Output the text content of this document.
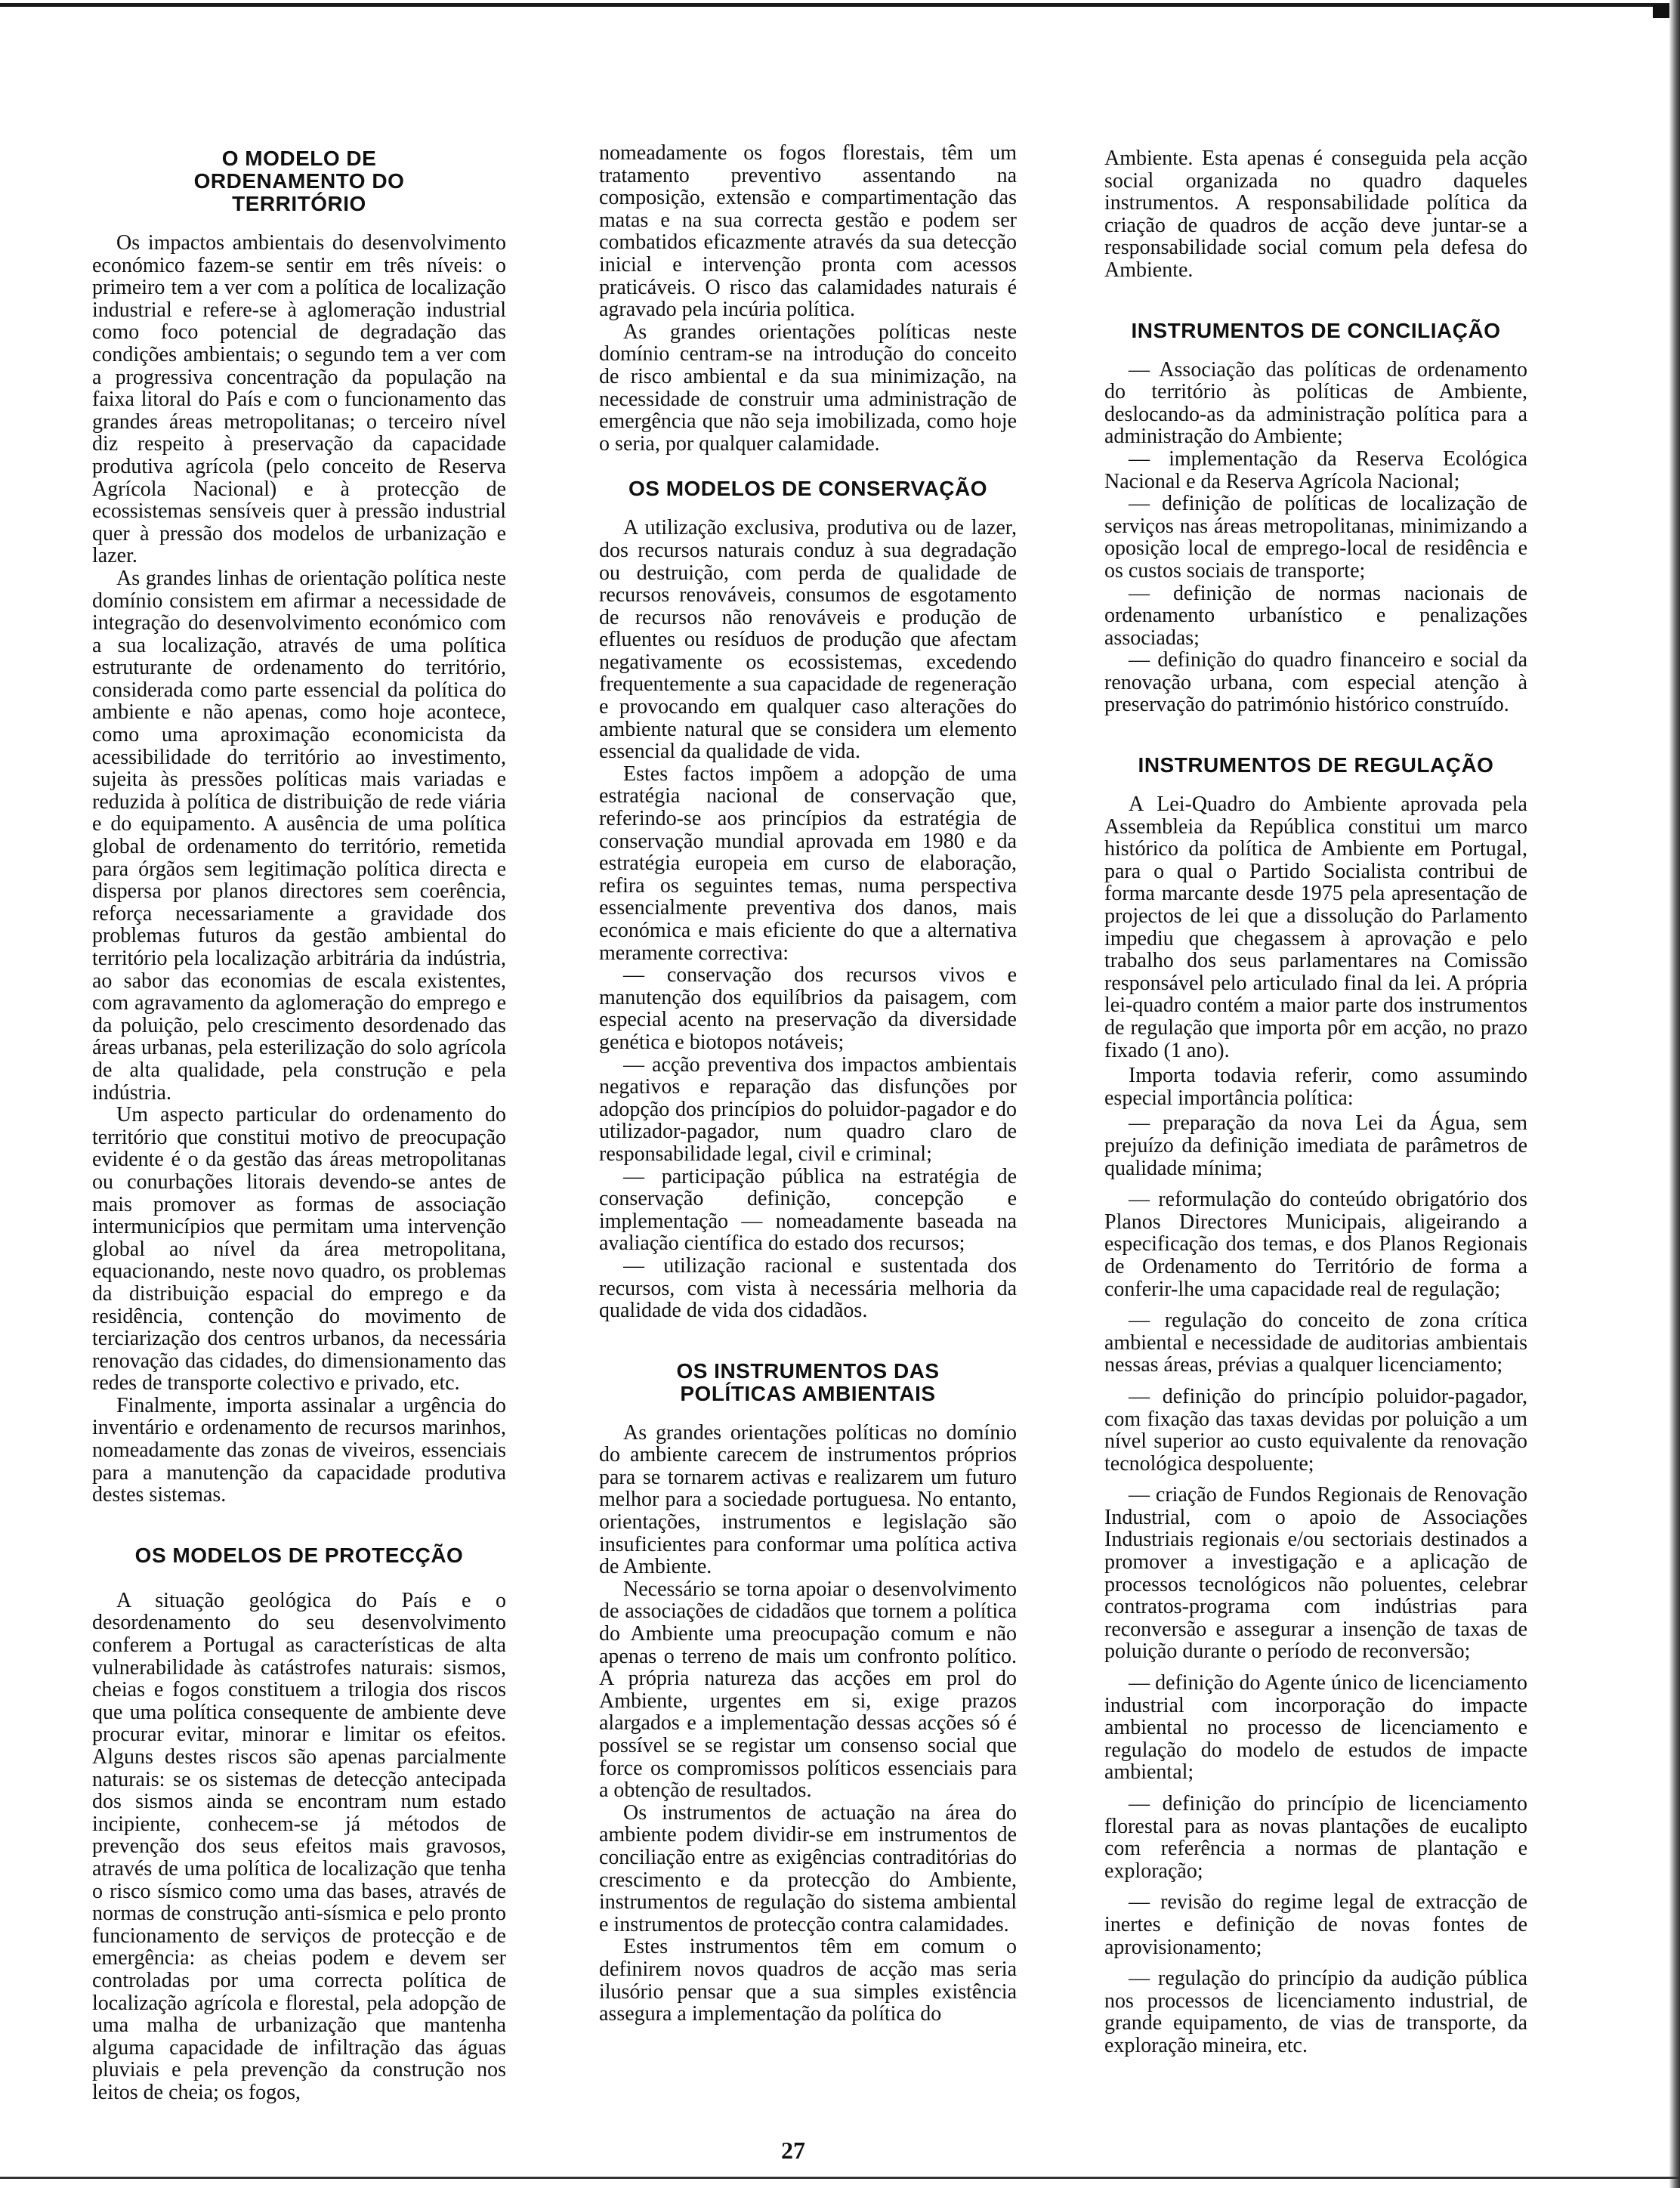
O MODELO DE ORDENAMENTO DO TERRITÓRIO

Os impactos ambientais do desenvolvimento económico fazem-se sentir em três níveis: o primeiro tem a ver com a política de localização industrial e refere-se à aglomeração industrial como foco potencial de degradação das condições ambientais; o segundo tem a ver com a progressiva concentração da população na faixa litoral do País e com o funcionamento das grandes áreas metropolitanas; o terceiro nível diz respeito à preservação da capacidade produtiva agrícola (pelo conceito de Reserva Agrícola Nacional) e à protecção de ecossistemas sensíveis quer à pressão industrial quer à pressão dos modelos de urbanização e lazer.

As grandes linhas de orientação política neste domínio consistem em afirmar a necessidade de integração do desenvolvimento económico com a sua localização, através de uma política estruturante de ordenamento do território, considerada como parte essencial da política do ambiente e não apenas, como hoje acontece, como uma aproximação economicista da acessibilidade do território ao investimento, sujeita às pressões políticas mais variadas e reduzida à política de distribuição de rede viária e do equipamento. A ausência de uma política global de ordenamento do território, remetida para órgãos sem legitimação política directa e dispersa por planos directores sem coerência, reforça necessariamente a gravidade dos problemas futuros da gestão ambiental do território pela localização arbitrária da indústria, ao sabor das economias de escala existentes, com agravamento da aglomeração do emprego e da poluição, pelo crescimento desordenado das áreas urbanas, pela esterilização do solo agrícola de alta qualidade, pela construção e pela indústria.

Um aspecto particular do ordenamento do território que constitui motivo de preocupação evidente é o da gestão das áreas metropolitanas ou conurbações litorais devendo-se antes de mais promover as formas de associação intermunicípios que permitam uma intervenção global ao nível da área metropolitana, equacionando, neste novo quadro, os problemas da distribuição espacial do emprego e da residência, contenção do movimento de terciarização dos centros urbanos, da necessária renovação das cidades, do dimensionamento das redes de transporte colectivo e privado, etc.

Finalmente, importa assinalar a urgência do inventário e ordenamento de recursos marinhos, nomeadamente das zonas de viveiros, essenciais para a manutenção da capacidade produtiva destes sistemas.

OS MODELOS DE PROTECÇÃO

A situação geológica do País e o desordenamento do seu desenvolvimento conferem a Portugal as características de alta vulnerabilidade às catástrofes naturais: sismos, cheias e fogos constituem a trilogia dos riscos que uma política consequente de ambiente deve procurar evitar, minorar e limitar os efeitos. Alguns destes riscos são apenas parcialmente naturais: se os sistemas de detecção antecipada dos sismos ainda se encontram num estado incipiente, conhecem-se já métodos de prevenção dos seus efeitos mais gravosos, através de uma política de localização que tenha o risco sísmico como uma das bases, através de normas de construção anti-sísmica e pelo pronto funcionamento de serviços de protecção e de emergência: as cheias podem e devem ser controladas por uma correcta política de localização agrícola e florestal, pela adopção de uma malha de urbanização que mantenha alguma capacidade de infiltração das águas pluviais e pela prevenção da construção nos leitos de cheia; os fogos,

nomeadamente os fogos florestais, têm um tratamento preventivo assentando na composição, extensão e compartimentação das matas e na sua correcta gestão e podem ser combatidos eficazmente através da sua detecção inicial e intervenção pronta com acessos praticáveis. O risco das calamidades naturais é agravado pela incúria política.

As grandes orientações políticas neste domínio centram-se na introdução do conceito de risco ambiental e da sua minimização, na necessidade de construir uma administração de emergência que não seja imobilizada, como hoje o seria, por qualquer calamidade.

OS MODELOS DE CONSERVAÇÃO

A utilização exclusiva, produtiva ou de lazer, dos recursos naturais conduz à sua degradação ou destruição, com perda de qualidade de recursos renováveis, consumos de esgotamento de recursos não renováveis e produção de efluentes ou resíduos de produção que afectam negativamente os ecossistemas, excedendo frequentemente a sua capacidade de regeneração e provocando em qualquer caso alterações do ambiente natural que se considera um elemento essencial da qualidade de vida.

Estes factos impõem a adopção de uma estratégia nacional de conservação que, referindo-se aos princípios da estratégia de conservação mundial aprovada em 1980 e da estratégia europeia em curso de elaboração, refira os seguintes temas, numa perspectiva essencialmente preventiva dos danos, mais económica e mais eficiente do que a alternativa meramente correctiva:

— conservação dos recursos vivos e manutenção dos equilíbrios da paisagem, com especial acento na preservação da diversidade genética e biotopos notáveis;

— acção preventiva dos impactos ambientais negativos e reparação das disfunções por adopção dos princípios do poluidor-pagador e do utilizador-pagador, num quadro claro de responsabilidade legal, civil e criminal;

— participação pública na estratégia de conservação definição, concepção e implementação — nomeadamente baseada na avaliação científica do estado dos recursos;

— utilização racional e sustentada dos recursos, com vista à necessária melhoria da qualidade de vida dos cidadãos.

OS INSTRUMENTOS DAS POLÍTICAS AMBIENTAIS

As grandes orientações políticas no domínio do ambiente carecem de instrumentos próprios para se tornarem activas e realizarem um futuro melhor para a sociedade portuguesa. No entanto, orientações, instrumentos e legislação são insuficientes para conformar uma política activa de Ambiente.

Necessário se torna apoiar o desenvolvimento de associações de cidadãos que tornem a política do Ambiente uma preocupação comum e não apenas o terreno de mais um confronto político. A própria natureza das acções em prol do Ambiente, urgentes em si, exige prazos alargados e a implementação dessas acções só é possível se se registar um consenso social que force os compromissos políticos essenciais para a obtenção de resultados.

Os instrumentos de actuação na área do ambiente podem dividir-se em instrumentos de conciliação entre as exigências contraditórias do crescimento e da protecção do Ambiente, instrumentos de regulação do sistema ambiental e instrumentos de protecção contra calamidades.

Estes instrumentos têm em comum o definirem novos quadros de acção mas seria ilusório pensar que a sua simples existência assegura a implementação da política do

Ambiente. Esta apenas é conseguida pela acção social organizada no quadro daqueles instrumentos. A responsabilidade política da criação de quadros de acção deve juntar-se a responsabilidade social comum pela defesa do Ambiente.

INSTRUMENTOS DE CONCILIAÇÃO

— Associação das políticas de ordenamento do território às políticas de Ambiente, deslocando-as da administração política para a administração do Ambiente;

— implementação da Reserva Ecológica Nacional e da Reserva Agrícola Nacional;

— definição de políticas de localização de serviços nas áreas metropolitanas, minimizando a oposição local de emprego-local de residência e os custos sociais de transporte;

— definição de normas nacionais de ordenamento urbanístico e penalizações associadas;

— definição do quadro financeiro e social da renovação urbana, com especial atenção à preservação do património histórico construído.

INSTRUMENTOS DE REGULAÇÃO

A Lei-Quadro do Ambiente aprovada pela Assembleia da República constitui um marco histórico da política de Ambiente em Portugal, para o qual o Partido Socialista contribui de forma marcante desde 1975 pela apresentação de projectos de lei que a dissolução do Parlamento impediu que chegassem à aprovação e pelo trabalho dos seus parlamentares na Comissão responsável pelo articulado final da lei. A própria lei-quadro contém a maior parte dos instrumentos de regulação que importa pôr em acção, no prazo fixado (1 ano).

Importa todavia referir, como assumindo especial importância política:

— preparação da nova Lei da Água, sem prejuízo da definição imediata de parâmetros de qualidade mínima;

— reformulação do conteúdo obrigatório dos Planos Directores Municipais, aligeirando a especificação dos temas, e dos Planos Regionais de Ordenamento do Território de forma a conferir-lhe uma capacidade real de regulação;

— regulação do conceito de zona crítica ambiental e necessidade de auditorias ambientais nessas áreas, prévias a qualquer licenciamento;

— definição do princípio poluidor-pagador, com fixação das taxas devidas por poluição a um nível superior ao custo equivalente da renovação tecnológica despoluente;

— criação de Fundos Regionais de Renovação Industrial, com o apoio de Associações Industriais regionais e/ou sectoriais destinados a promover a investigação e a aplicação de processos tecnológicos não poluentes, celebrar contratos-programa com indústrias para reconversão e assegurar a insenção de taxas de poluição durante o período de reconversão;

— definição do Agente único de licenciamento industrial com incorporação do impacte ambiental no processo de licenciamento e regulação do modelo de estudos de impacte ambiental;

— definição do princípio de licenciamento florestal para as novas plantações de eucalipto com referência a normas de plantação e exploração;

— revisão do regime legal de extracção de inertes e definição de novas fontes de aprovisionamento;

— regulação do princípio da audição pública nos processos de licenciamento industrial, de grande equipamento, de vias de transporte, da exploração mineira, etc.

27
